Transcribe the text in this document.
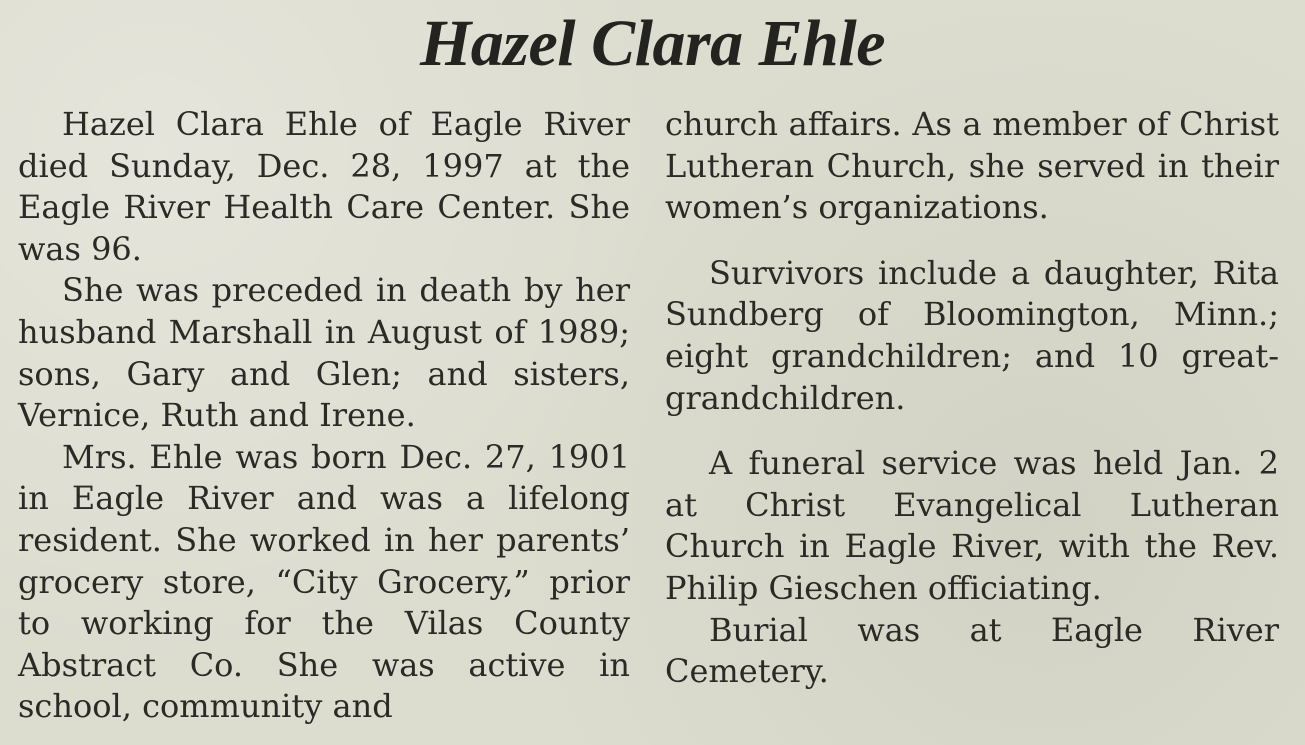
Hazel Clara Ehle

Hazel Clara Ehle of Eagle River died Sunday, Dec. 28, 1997 at the Eagle River Health Care Center. She was 96.

She was preceded in death by her husband Marshall in August of 1989; sons, Gary and Glen; and sisters, Vernice, Ruth and Irene.

Mrs. Ehle was born Dec. 27, 1901 in Eagle River and was a lifelong resident. She worked in her parents’ grocery store, “City Grocery,” prior to working for the Vilas County Abstract Co. She was active in school, community and

church affairs. As a member of Christ Lutheran Church, she served in their women’s organizations.

Survivors include a daughter, Rita Sundberg of Bloomington, Minn.; eight grandchildren; and 10 great-grandchildren.

A funeral service was held Jan. 2 at Christ Evangelical Lutheran Church in Eagle River, with the Rev. Philip Gieschen officiating.

Burial was at Eagle River Cemetery.
